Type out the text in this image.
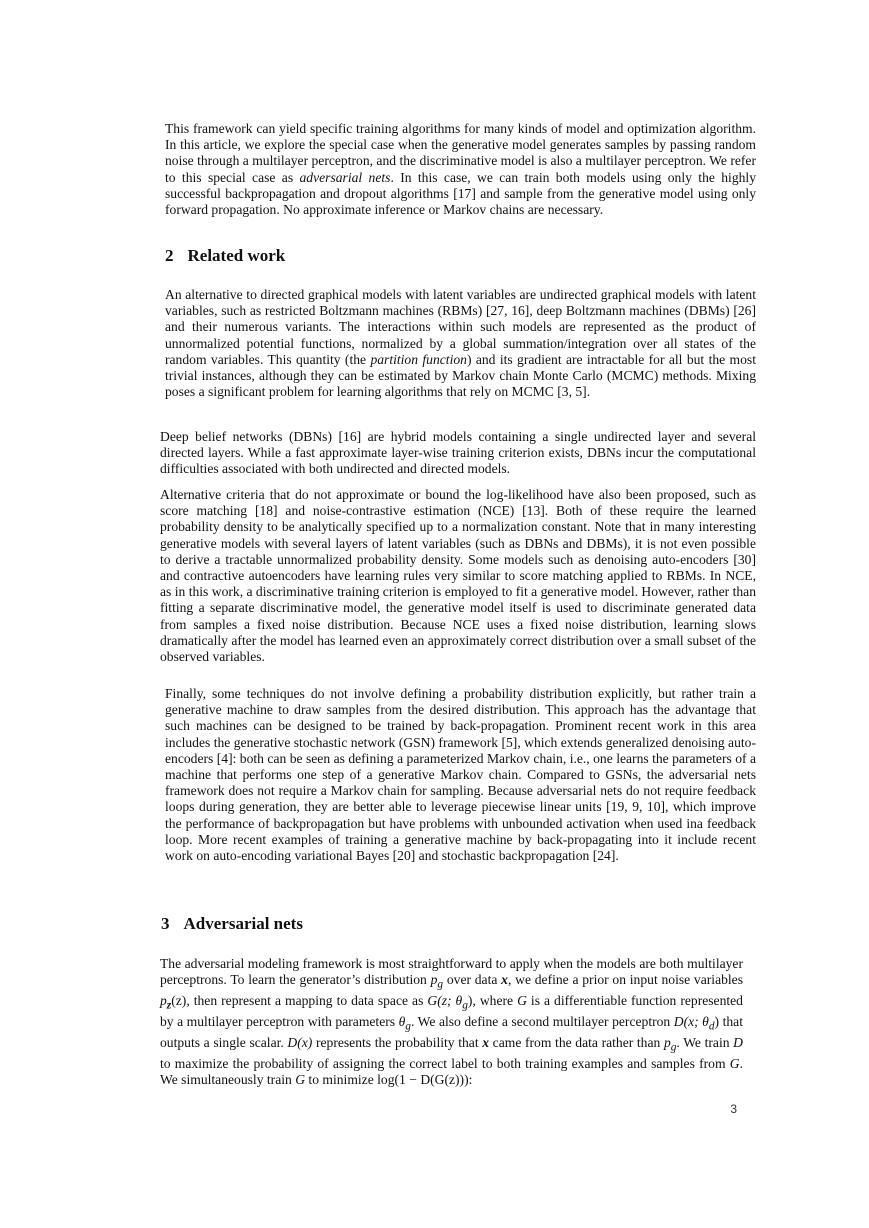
This framework can yield specific training algorithms for many kinds of model and optimization algorithm. In this article, we explore the special case when the generative model generates samples by passing random noise through a multilayer perceptron, and the discriminative model is also a multilayer perceptron. We refer to this special case as adversarial nets. In this case, we can train both models using only the highly successful backpropagation and dropout algorithms [17] and sample from the generative model using only forward propagation. No approximate inference or Markov chains are necessary.

2 Related work

An alternative to directed graphical models with latent variables are undirected graphical models with latent variables, such as restricted Boltzmann machines (RBMs) [27, 16], deep Boltzmann machines (DBMs) [26] and their numerous variants. The interactions within such models are represented as the product of unnormalized potential functions, normalized by a global summation/integration over all states of the random variables. This quantity (the partition function) and its gradient are intractable for all but the most trivial instances, although they can be estimated by Markov chain Monte Carlo (MCMC) methods. Mixing poses a significant problem for learning algorithms that rely on MCMC [3, 5].

Deep belief networks (DBNs) [16] are hybrid models containing a single undirected layer and several directed layers. While a fast approximate layer-wise training criterion exists, DBNs incur the computational difficulties associated with both undirected and directed models.

Alternative criteria that do not approximate or bound the log-likelihood have also been proposed, such as score matching [18] and noise-contrastive estimation (NCE) [13]. Both of these require the learned probability density to be analytically specified up to a normalization constant. Note that in many interesting generative models with several layers of latent variables (such as DBNs and DBMs), it is not even possible to derive a tractable unnormalized probability density. Some models such as denoising auto-encoders [30] and contractive autoencoders have learning rules very similar to score matching applied to RBMs. In NCE, as in this work, a discriminative training criterion is employed to fit a generative model. However, rather than fitting a separate discriminative model, the generative model itself is used to discriminate generated data from samples a fixed noise distribution. Because NCE uses a fixed noise distribution, learning slows dramatically after the model has learned even an approximately correct distribution over a small subset of the observed variables.

Finally, some techniques do not involve defining a probability distribution explicitly, but rather train a generative machine to draw samples from the desired distribution. This approach has the advantage that such machines can be designed to be trained by back-propagation. Prominent recent work in this area includes the generative stochastic network (GSN) framework [5], which extends generalized denoising auto-encoders [4]: both can be seen as defining a parameterized Markov chain, i.e., one learns the parameters of a machine that performs one step of a generative Markov chain. Compared to GSNs, the adversarial nets framework does not require a Markov chain for sampling. Because adversarial nets do not require feedback loops during generation, they are better able to leverage piecewise linear units [19, 9, 10], which improve the performance of backpropagation but have problems with unbounded activation when used ina feedback loop. More recent examples of training a generative machine by back-propagating into it include recent work on auto-encoding variational Bayes [20] and stochastic backpropagation [24].

3 Adversarial nets

The adversarial modeling framework is most straightforward to apply when the models are both multilayer perceptrons. To learn the generator’s distribution $p_g$ over data x, we define a prior on input noise variables $p_z(z)$, then represent a mapping to data space as G(z; $\theta_g$), where G is a differentiable function represented by a multilayer perceptron with parameters $\theta_g$. We also define a second multilayer perceptron D(x; $\theta_d$) that outputs a single scalar. D(x) represents the probability that x came from the data rather than $p_g$. We train D to maximize the probability of assigning the correct label to both training examples and samples from G. We simultaneously train G to minimize log(1 − D(G(z))):

3
